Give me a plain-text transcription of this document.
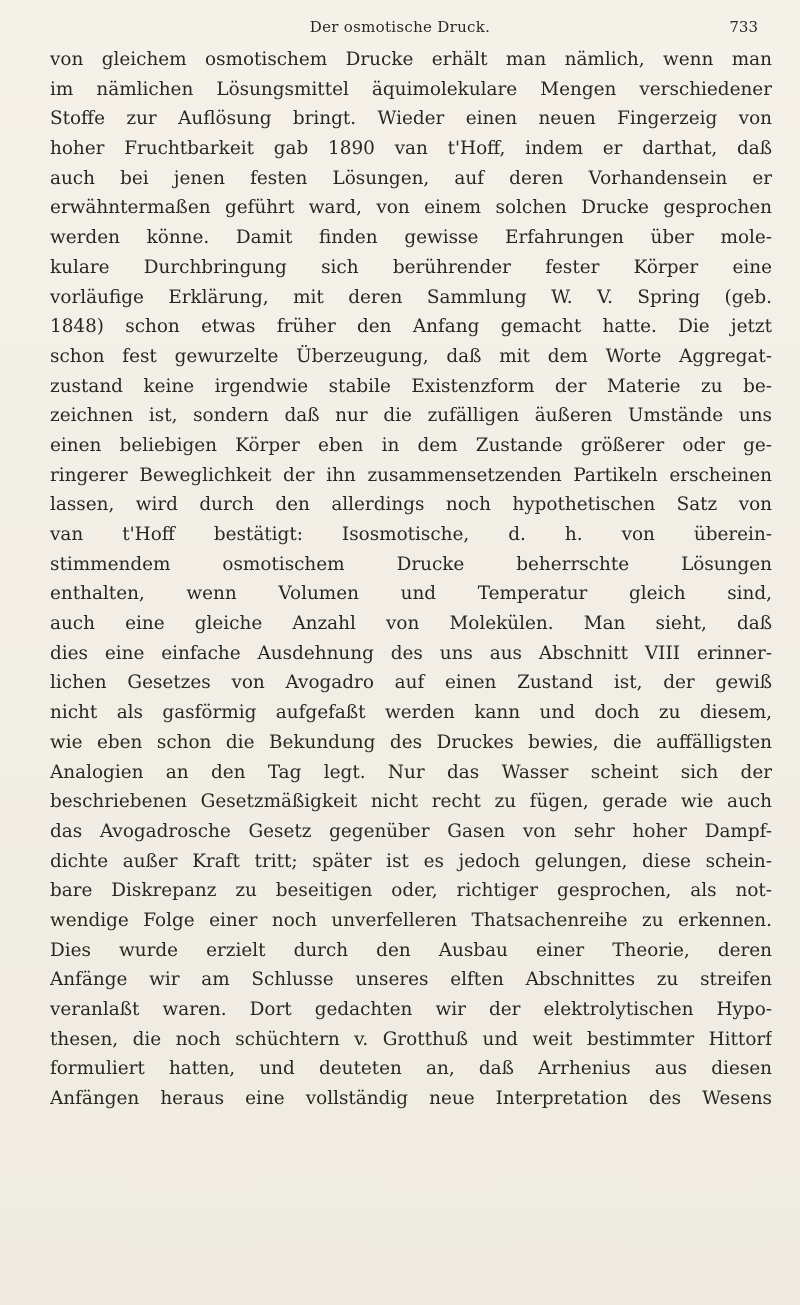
Der osmotische Druck.	733
von gleichem osmotischem Drucke erhält man nämlich, wenn man
im nämlichen Lösungsmittel äquimolekulare Mengen verschiedener
Stoffe zur Auflösung bringt. Wieder einen neuen Fingerzeig von
hoher Fruchtbarkeit gab 1890 van t'Hoff, indem er darthat, daß
auch bei jenen festen Lösungen, auf deren Vorhandensein er
erwähntermaßen geführt ward, von einem solchen Drucke gesprochen
werden könne. Damit finden gewisse Erfahrungen über mole-
kulare Durchbringung sich berührender fester Körper eine
vorläufige Erklärung, mit deren Sammlung W. V. Spring (geb.
1848) schon etwas früher den Anfang gemacht hatte. Die jetzt
schon fest gewurzelte Überzeugung, daß mit dem Worte Aggregat-
zustand keine irgendwie stabile Existenzform der Materie zu be-
zeichnen ist, sondern daß nur die zufälligen äußeren Umstände uns
einen beliebigen Körper eben in dem Zustande größerer oder ge-
ringerer Beweglichkeit der ihn zusammensetzenden Partikeln erscheinen
lassen, wird durch den allerdings noch hypothetischen Satz von
van t'Hoff bestätigt: Isosmotische, d. h. von überein-
stimmendem osmotischem Drucke beherrschte Lösungen
enthalten, wenn Volumen und Temperatur gleich sind,
auch eine gleiche Anzahl von Molekülen. Man sieht, daß
dies eine einfache Ausdehnung des uns aus Abschnitt VIII erinner-
lichen Gesetzes von Avogadro auf einen Zustand ist, der gewiß
nicht als gasförmig aufgefaßt werden kann und doch zu diesem,
wie eben schon die Bekundung des Druckes bewies, die auffälligsten
Analogien an den Tag legt. Nur das Wasser scheint sich der
beschriebenen Gesetzmäßigkeit nicht recht zu fügen, gerade wie auch
das Avogadrosche Gesetz gegenüber Gasen von sehr hoher Dampf-
dichte außer Kraft tritt; später ist es jedoch gelungen, diese schein-
bare Diskrepanz zu beseitigen oder, richtiger gesprochen, als not-
wendige Folge einer noch unverfelleren Thatsachenreihe zu erkennen.
Dies wurde erzielt durch den Ausbau einer Theorie, deren
Anfänge wir am Schlusse unseres elften Abschnittes zu streifen
veranlaßt waren. Dort gedachten wir der elektrolytischen Hypo-
thesen, die noch schüchtern v. Grotthuß und weit bestimmter Hittorf
formuliert hatten, und deuteten an, daß Arrhenius aus diesen
Anfängen heraus eine vollständig neue Interpretation des Wesens
